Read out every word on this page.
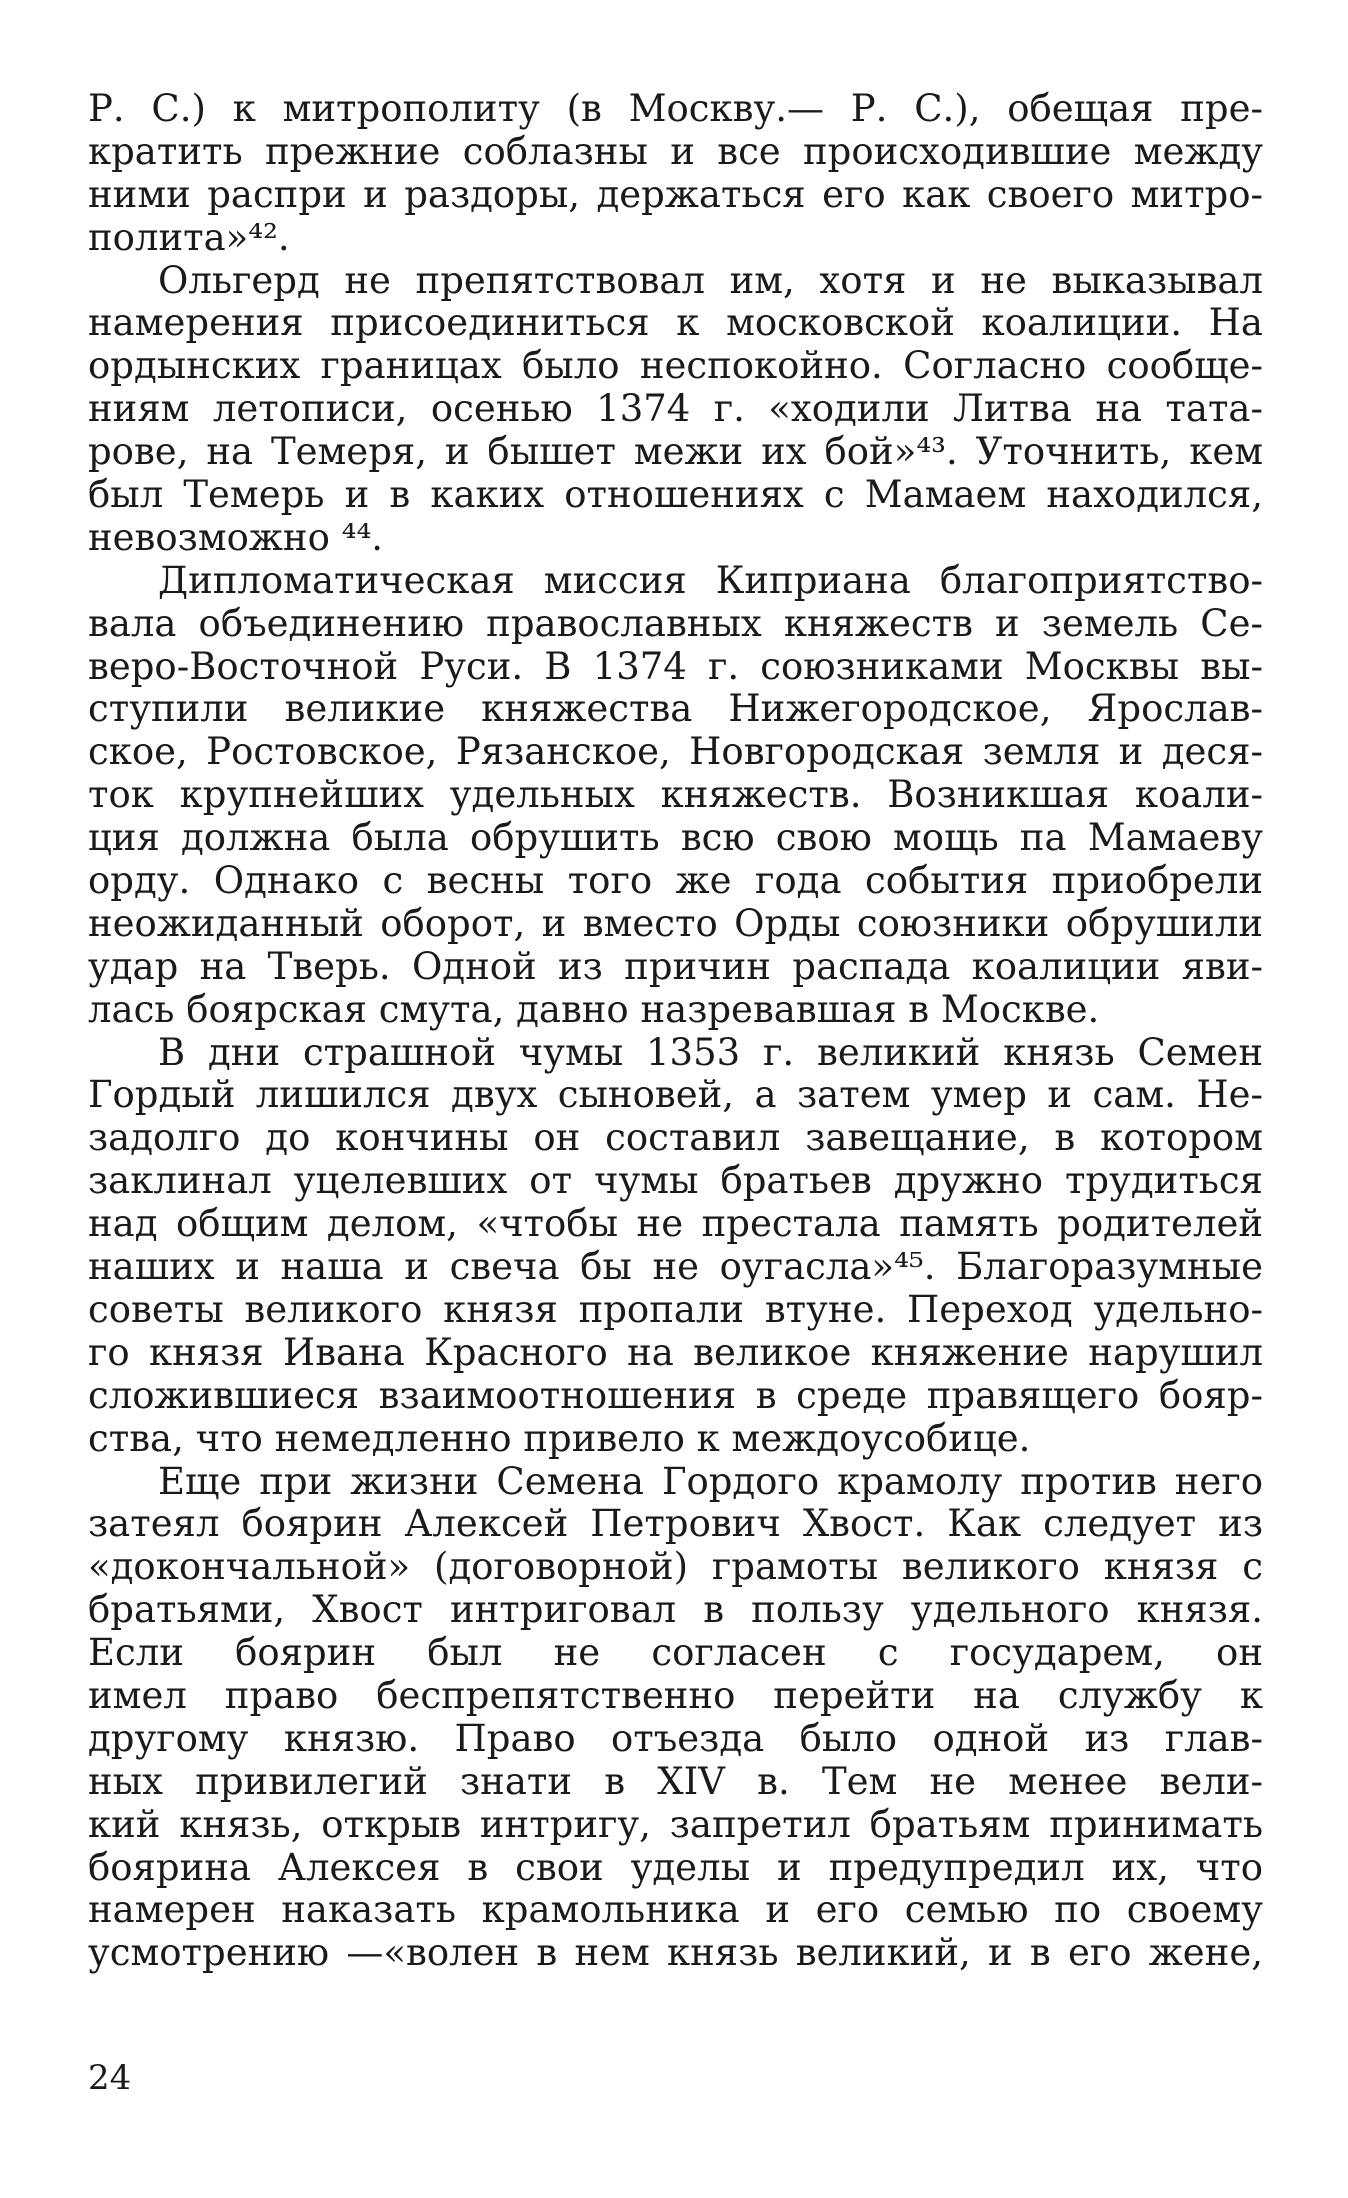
Р. С.) к митрополиту (в Москву.— Р. С.), обещая пре-
кратить прежние соблазны и все происходившие между
ними распри и раздоры, держаться его как своего митро-
полита»⁴².
Ольгерд не препятствовал им, хотя и не выказывал
намерения присоединиться к московской коалиции. На
ордынских границах было неспокойно. Согласно сообще-
ниям летописи, осенью 1374 г. «ходили Литва на тата-
рове, на Темеря, и бышет межи их бой»⁴³. Уточнить, кем
был Темерь и в каких отношениях с Мамаем находился,
невозможно ⁴⁴.
Дипломатическая миссия Киприана благоприятство-
вала объединению православных княжеств и земель Се-
веро-Восточной Руси. В 1374 г. союзниками Москвы вы-
ступили великие княжества Нижегородское, Ярослав-
ское, Ростовское, Рязанское, Новгородская земля и деся-
ток крупнейших удельных княжеств. Возникшая коали-
ция должна была обрушить всю свою мощь па Мамаеву
орду. Однако с весны того же года события приобрели
неожиданный оборот, и вместо Орды союзники обрушили
удар на Тверь. Одной из причин распада коалиции яви-
лась боярская смута, давно назревавшая в Москве.
В дни страшной чумы 1353 г. великий князь Семен
Гордый лишился двух сыновей, а затем умер и сам. Не-
задолго до кончины он составил завещание, в котором
заклинал уцелевших от чумы братьев дружно трудиться
над общим делом, «чтобы не престала память родителей
наших и наша и свеча бы не оугасла»⁴⁵. Благоразумные
советы великого князя пропали втуне. Переход удельно-
го князя Ивана Красного на великое княжение нарушил
сложившиеся взаимоотношения в среде правящего бояр-
ства, что немедленно привело к междоусобице.
Еще при жизни Семена Гордого крамолу против него
затеял боярин Алексей Петрович Хвост. Как следует из
«докончальной» (договорной) грамоты великого князя с
братьями, Хвост интриговал в пользу удельного князя.
Если боярин был не согласен с государем, он
имел право беспрепятственно перейти на службу к
другому князю. Право отъезда было одной из глав-
ных привилегий знати в XIV в. Тем не менее вели-
кий князь, открыв интригу, запретил братьям принимать
боярина Алексея в свои уделы и предупредил их, что
намерен наказать крамольника и его семью по своему
усмотрению —«волен в нем князь великий, и в его жене,
24
